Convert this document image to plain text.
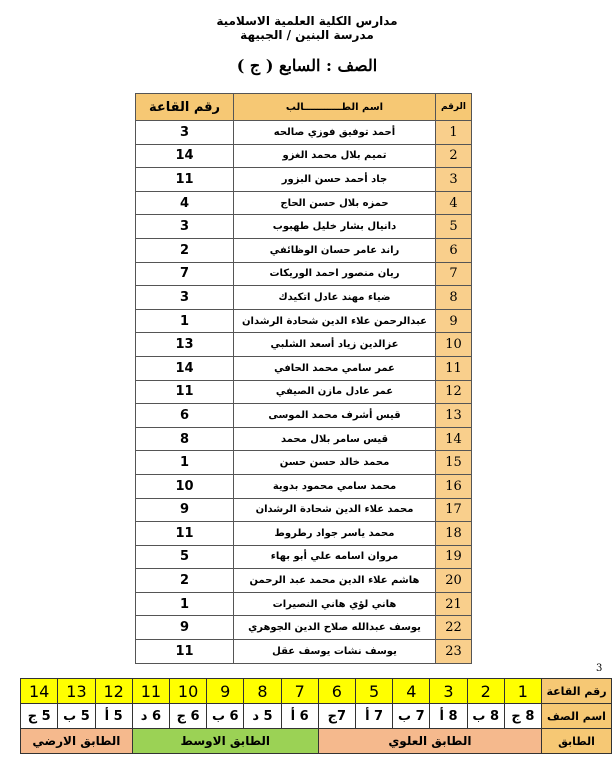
مدارس الكلية العلمية الاسلامية
مدرسة البنين / الجبيهة
الصف : السابع ( ج )
الرقم	اسم الطـــــــــــالب	رقم القاعة
1	أحمد توفيق فوزي صالحه	3
2	تميم بلال محمد الغزو	14
3	جاد أحمد حسن البزور	11
4	حمزه بلال حسن الحاج	4
5	دانيال بشار خليل طهبوب	3
6	راند عامر حسان الوظائفي	2
7	ريان منصور احمد الوريكات	7
8	ضياء مهند عادل اتكيدك	3
9	عبدالرحمن علاء الدين شحادة الرشدان	1
10	عزالدين زياد أسعد الشلبي	13
11	عمر سامي محمد الحافي	14
12	عمر عادل مازن الصيفي	11
13	قيس أشرف محمد الموسى	6
14	قيس سامر بلال محمد	8
15	محمد خالد حسن حسن	1
16	محمد سامي محمود بدوية	10
17	محمد علاء الدين شحادة الرشدان	9
18	محمد ياسر جواد رطروط	11
19	مروان اسامه علي أبو بهاء	5
20	هاشم علاء الدين محمد عبد الرحمن	2
21	هاني لؤي هاني النصيرات	1
22	يوسف عبدالله صلاح الدين الجوهري	9
23	يوسف نشات يوسف عقل	11
3
رقم القاعة	1	2	3	4	5	6	7	8	9	10	11	12	13	14
اسم الصف	8 ج	8 ب	8 أ	7 ب	7 أ	7ج	6 أ	5 د	6 ب	6 ج	6 د	5 أ	5 ب	5 ج
الطابق	الطابق العلوي						الطابق الاوسط					الطابق الارضي		
